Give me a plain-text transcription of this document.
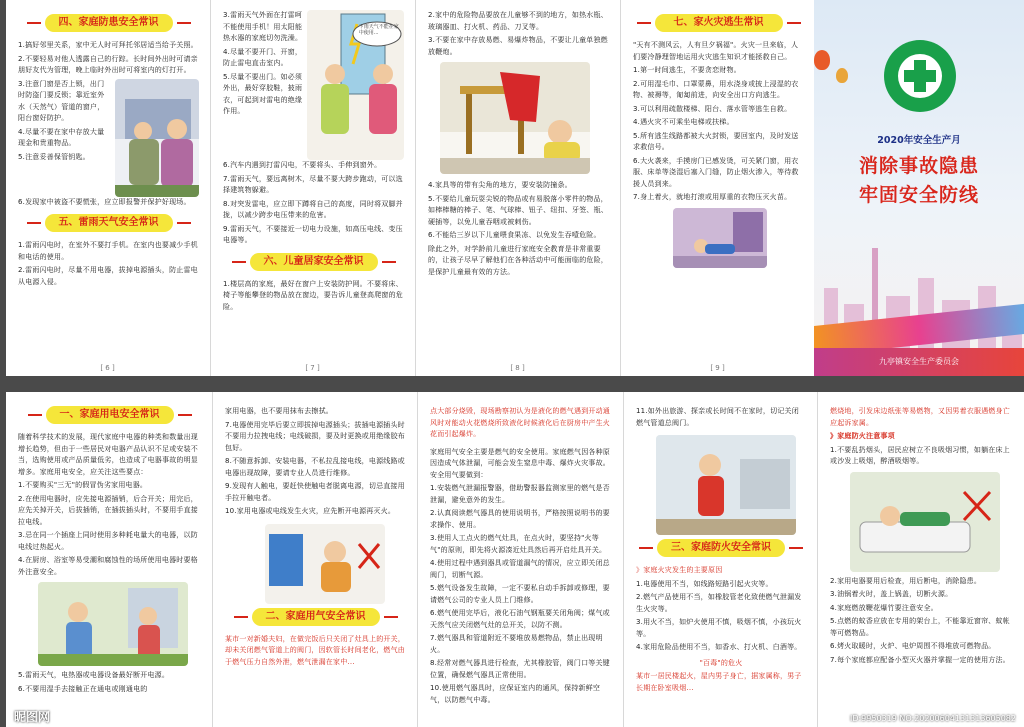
四、家庭防患安全常识

1.搞好邻里关系，家中无人时可拜托邻居适当给予关照。

2.不要轻易对他人透露自己的行踪。长时间外出时可请亲朋好友代为管理，晚上临时外出时可将室内的灯打开。

3.注意门窗是否上锁，出门时防盗门要反锁；靠近室外水（天然气）管道的窗户，阳台窗好防护。

4.尽量不要在家中存放大量现金和贵重物品。

5.注意妥善保管钥匙。

6.发现家中被盗不要慌张，应立即报警并保护好现场。

五、雷雨天气安全常识

1.雷雨闪电时，在室外不要打手机。在室内也要减少手机和电话的使用。

2.雷雨闪电时，尽量不用电器，拔掉电源插头，防止雷电从电源入侵。

[ 6 ]

3.雷雨天气外面在打雷呵不能使用手机！用太阳能热水器的家庭切勿洗澡。

4.尽量不要开门、开窗，防止雷电直击室内。

5.尽量不要出门。如必须外出，最好穿胶鞋，披雨衣，可起到对雷电的绝缘作用。

下雨天气不能在家中使用...

6.汽车内遇到打雷闪电，不要将头、手伸到窗外。

7.雷雨天气，要远离树木，尽量不要大跨步跑动，可以选择建筑物躲避。

8.对突发雷电，应立即下蹲将自己的高度，同时将双脚并拢，以减少跨步电压带来的危害。

9.雷雨天气，不要接近一切电力设施，如高压电线、变压电器等。

六、儿童居家安全常识

1.楼层高的家庭，最好在窗户上安装防护网。不要将床、椅子等能攀登的物品放在窗边，要告诉儿童登高爬窗的危险。

[ 7 ]

2.家中的危险物品要放在儿童够不到的地方，如热水瓶、玻璃器皿、打火机、药品、刀叉等。

3.不要在家中存放易燃、易爆炸物品，不要让儿童单独燃放鞭炮。

4.家具等的带有尖角的地方，要安装防撞条。

5.不要给儿童玩耍尖锐的物品或有易脱落小零件的物品，如棒棒糖的棒子、笔、气球棒、钮子、纽扣、牙签、瓶、硬插等，以免儿童吞咽或被刺伤。

6.不能给三岁以下儿童喂食果冻、以免发生吞噎危险。

除此之外，对学龄前儿童进行家庭安全教育是非常重要的，让孩子尽早了解他们在各种活动中可能面临的危险，是保护儿童最有效的方法。

[ 8 ]
七、家火灾逃生常识

"天有不测风云，人有旦夕祸福"。火灾一旦来临，人们要冷静理智地运用火灾逃生知识才能拯救自己。

1.第一时间逃生，不要贪恋财物。

2.可用湿毛巾、口罩蒙鼻，用水浇身或披上浸湿的衣物、被褥等，匍匐前进，向安全出口方向逃生。

3.可以利用疏散楼梯、阳台、落水管等逃生自救。

4.遇火灾不可乘坐电梯或扶梯。

5.所有逃生线路都被大火封锁，要回室内，及时发送求救信号。

6.大火袭来，手摸房门已感发烫，可关紧门窗，用衣服、床单等浇湿后塞入门缝，防止烟火渗入，等待救援人员到来。

7.身上着火，就地打滚或用厚重的衣物压灭火苗。

[ 9 ]
2020年安全生产月
消除事故隐患
牢固安全防线
九亭镇安全生产委员会
一、家庭用电安全常识

随着科学技术的发展，现代家庭中电器的种类和数量出现增长趋势，但由于一些居民对电器产品认识不足或安装不当，选购使用或产品质量低劣，也造成了电器事故的明显增多。家庭用电安全，应关注这些要点：

1.不要购买"三无"的假冒伪劣家用电器。

2.在使用电器时，应先接电源插销，后合开关；用完后，应先关掉开关，后拔插销，在插拔插头时，不要用手直接拉电线。

3.忌在同一个插座上同时使用多种耗电量大的电器，以防电线过热起火。

4.在厨房、浴室等易受潮和腐蚀性的场所使用电器时要格外注意安全。

5.雷雨天气，电热器或电器设备最好断开电源。

6.不要用湿手去接触正在通电或刚通电的

家用电器，也不要用抹布去擦拭。

7.电器使用完毕后要立即拔掉电源插头；拔插电源插头时不要用力拉拽电线；电线破损，要及时更换或用绝缘胶布包好。

8.不随意拆卸、安装电器，不私拉乱接电线，电源线路或电器出现故障，要请专业人员进行维修。

9.发现有人触电，要赶快使触电者脱离电源，切忌直接用手拉开触电者。

10.家用电器或电线发生火灾，应先断开电源再灭火。

二、家庭用气安全常识

某市一对新婚夫妇，在做完饭后只关闭了灶具上的开关，却未关闭燃气管道上的阀门，因软管长时间老化，燃气由于燃气压力自然外泄，燃气泄漏在家中...

点大部分烧毁，现场勘察初认为是液化的燃气遇到开动通风时对能动火花燃烧所致液化时候液化后在厨房中产生火花而引起爆炸。

家庭用气安全主要是燃气的安全使用。家庭燃气因各种原因造成气体泄漏，可能会发生窒息中毒、爆炸火灾事故。安全用气要做到：

1.安装燃气泄漏报警器，借助警报器监测家里的燃气是否泄漏，避免意外的发生。

2.认真阅读燃气器具的使用说明书，严格按照说明书的要求操作、使用。

3.使用人工点火的燃气灶具，在点火时，要坚持"火等气"的原则，即先将火源凑近灶具然后再开启灶具开关。

4.使用过程中遇到器具或管道漏气的情况，应立即关闭总阀门，切断气源。

5.燃气设备发生故障，一定不要私自动手拆卸或修理，要请燃气公司的专业人员上门维修。

6.燃气使用完毕后，液化石油气钢瓶要关闭角阀；煤气或天然气应关闭燃气灶的总开关，以防不测。

7.燃气器具和管道附近不要堆放易燃物品，禁止出现明火。

8.经常对燃气器具进行检查，尤其橡胶管，阀门口等关键位置，确保燃气器具正常使用。

10.使用燃气器具时，应保证室内的通风，保持新鲜空气，以防燃气中毒。

11.如外出旅游、探亲或长时间不在家时，切记关闭燃气管道总阀门。

三、家庭防火安全常识

》家庭火灾发生的主要原因

1.电器使用不当，如线路短路引起火灾等。

2.燃气产品使用不当，如橡胶管老化致使燃气泄漏发生火灾等。

3.用火不当，如炉火使用不慎，吸烟不慎，小孩玩火等。

4.家用危险品使用不当，如香水、打火机、白酒等。

"百毒"的危火

某市一居民楼起火，屋内男子身亡，据家属称，男子长期在卧室吸烟...

燃烧地，引发床边纸张等易燃物，又因男着衣服遇燃身亡应起诉家属。

》家庭防火注意事项

1.不要乱扔烟头，居民应树立不良吸烟习惯，如躺在床上或沙发上吸烟，醉酒吸烟等。

2.家用电器要用后检查，用后断电，消除隐患。

3.油锅着火时，盖上锅盖，切断火源。

4.家庭燃放鞭花爆竹要注意安全。

5.点燃的蚊香应放在专用的架台上，不能靠近窗帘、蚊帐等可燃物品。

6.烤火取暖时，火炉、电炉周围不得堆放可燃物品。

7.每个家庭都应配备小型灭火器并掌握一定的使用方法。

昵图网	ID:9950319 NO:20200604131313605082
